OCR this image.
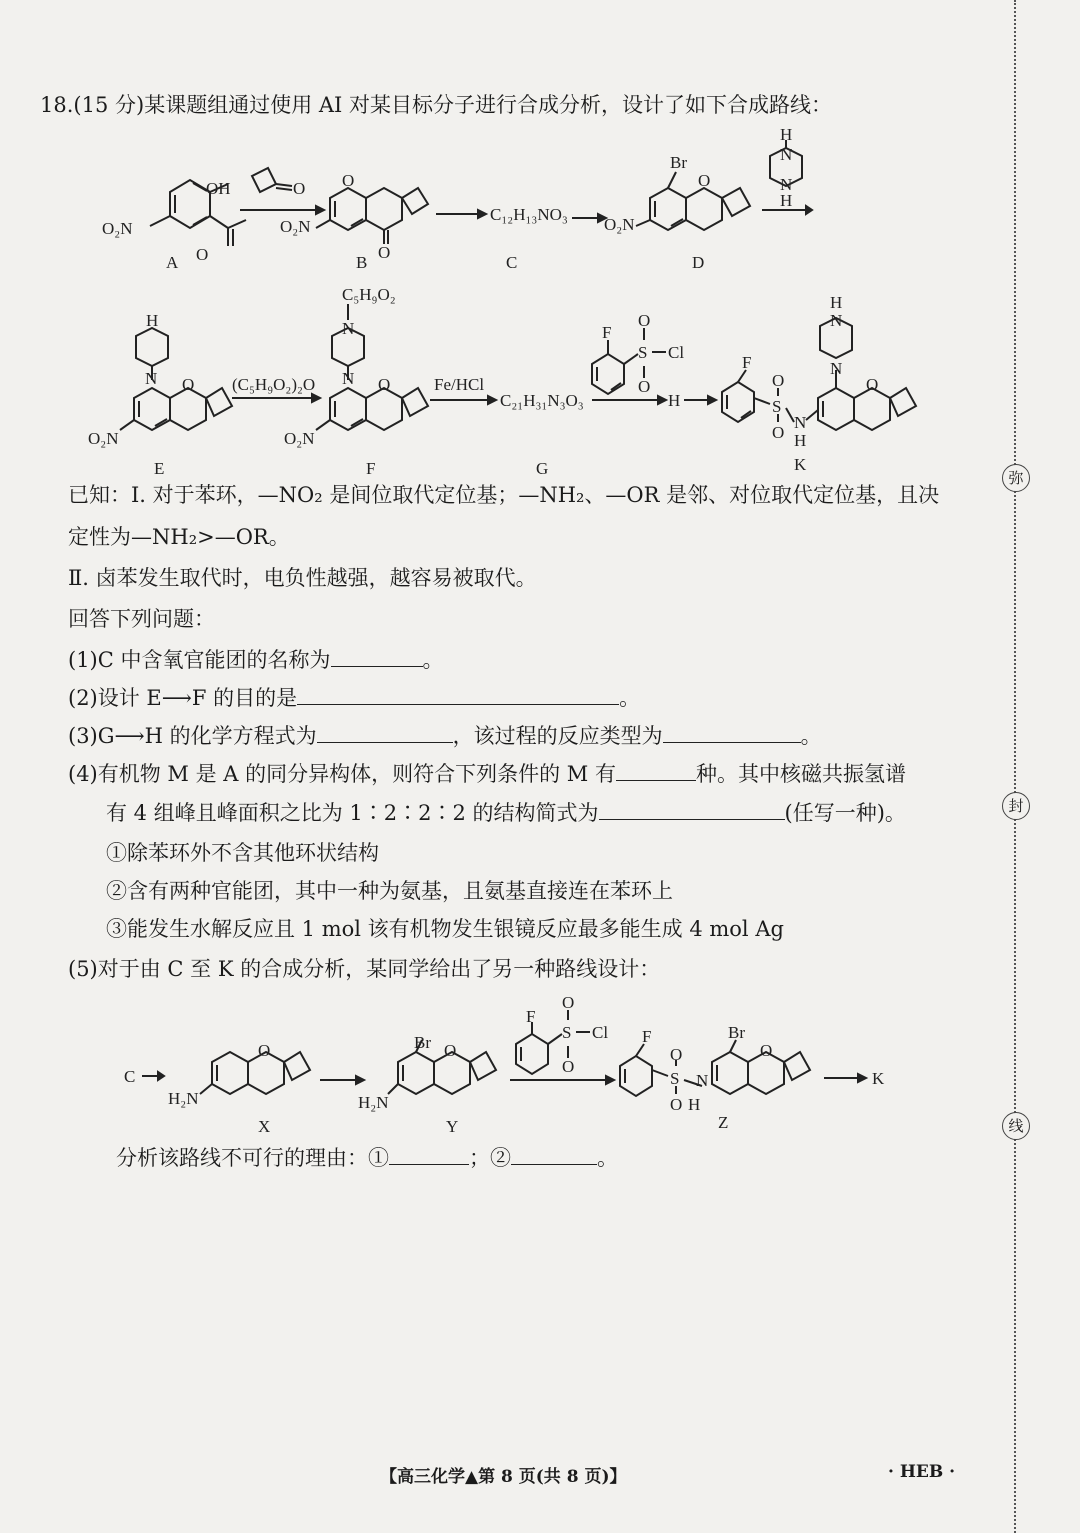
弥
封
线
18.(15 分)某课题组通过使用 AI 对某目标分子进行合成分析，设计了如下合成路线：
OH
O₂N
O
O O
O₂N
O
C₁₂H₁₃NO₃
Br
O
O₂N
H
N
N
H
A	B	C	D
H
N O
O₂N
(C₅H₉O₂)₂O
C₅H₉O₂
N
N O
O₂N
Fe/HCl
C₂₁H₃₁N₃O₃
F
O
S Cl
O
H
F
O
S
O
N
H
H
N
N
O
E	F	G	K
C
H₂N
O	Br O
H₂N
F
O
S Cl
O
F
O
S
O
N
H
Br
O
K
X	Y	Z
已知：Ⅰ. 对于苯环，—NO₂ 是间位取代定位基；—NH₂、—OR 是邻、对位取代定位基，且决
定性为—NH₂>—OR。
Ⅱ. 卤苯发生取代时，电负性越强，越容易被取代。
回答下列问题：
(1)C 中含氧官能团的名称为	。
(2)设计 E⟶F 的目的是	。
(3)G⟶H 的化学方程式为	，该过程的反应类型为	。
(4)有机物 M 是 A 的同分异构体，则符合下列条件的 M 有	种。其中核磁共振氢谱
有 4 组峰且峰面积之比为 1∶2∶2∶2 的结构简式为	(任写一种)。
①除苯环外不含其他环状结构
②含有两种官能团，其中一种为氨基，且氨基直接连在苯环上
③能发生水解反应且 1 mol 该有机物发生银镜反应最多能生成 4 mol Ag
(5)对于由 C 至 K 的合成分析，某同学给出了另一种路线设计：
分析该路线不可行的理由：①	；②	。
【高三化学▲第 8 页(共 8 页)】	· HEB ·
